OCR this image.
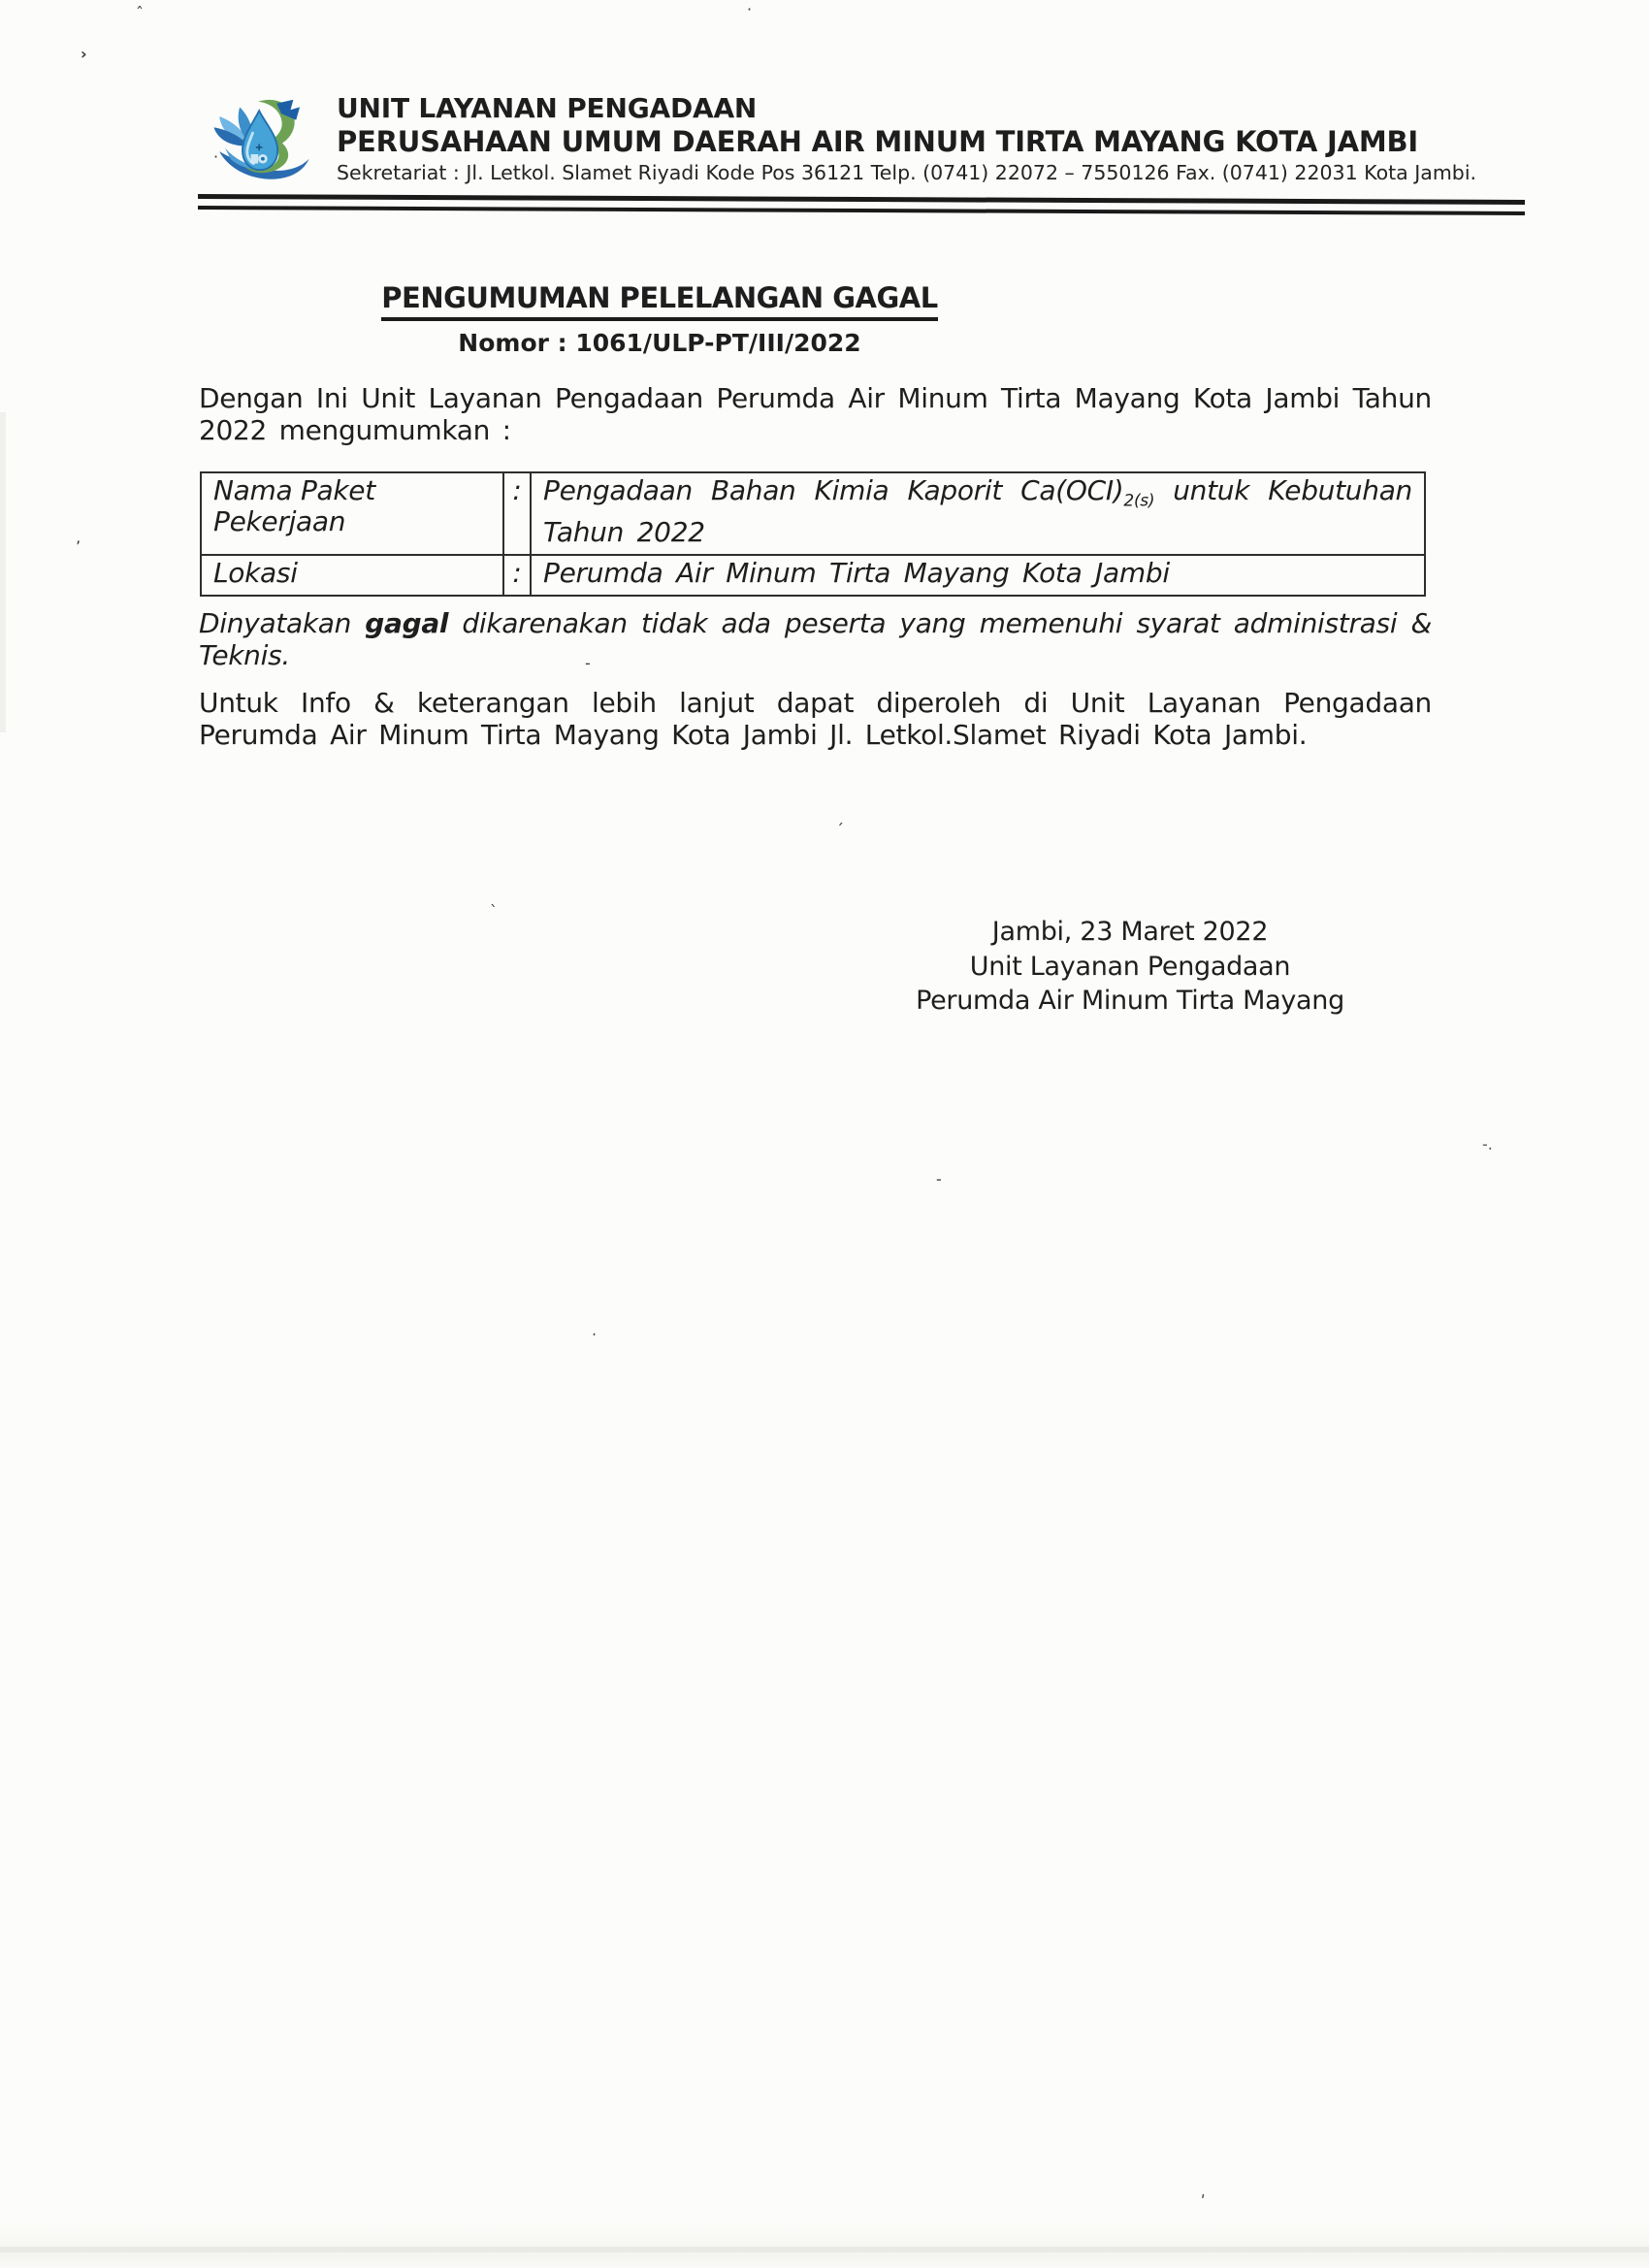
UNIT LAYANAN PENGADAAN
PERUSAHAAN UMUM DAERAH AIR MINUM TIRTA MAYANG KOTA JAMBI
Sekretariat : Jl. Letkol. Slamet Riyadi Kode Pos 36121 Telp. (0741) 22072 – 7550126 Fax. (0741) 22031 Kota Jambi.
PENGUMUMAN PELELANGAN GAGAL
Nomor : 1061/ULP-PT/III/2022

Dengan Ini Unit Layanan Pengadaan Perumda Air Minum Tirta Mayang Kota Jambi Tahun 2022 mengumumkan :

Nama Paket Pekerjaan	:	Pengadaan Bahan Kimia Kaporit $Ca(OCI)_{2(s)}$ untuk Kebutuhan Tahun 2022
Lokasi	:	Perumda Air Minum Tirta Mayang Kota Jambi

Dinyatakan gagal dikarenakan tidak ada peserta yang memenuhi syarat administrasi & Teknis.

Untuk Info & keterangan lebih lanjut dapat diperoleh di Unit Layanan Pengadaan Perumda Air Minum Tirta Mayang Kota Jambi Jl. Letkol.Slamet Riyadi Kota Jambi.

Jambi, 23 Maret 2022
Unit Layanan Pengadaan
Perumda Air Minum Tirta Mayang
ˆ
›
·
·
-
’
`
´
-
-.
·
ʹ
